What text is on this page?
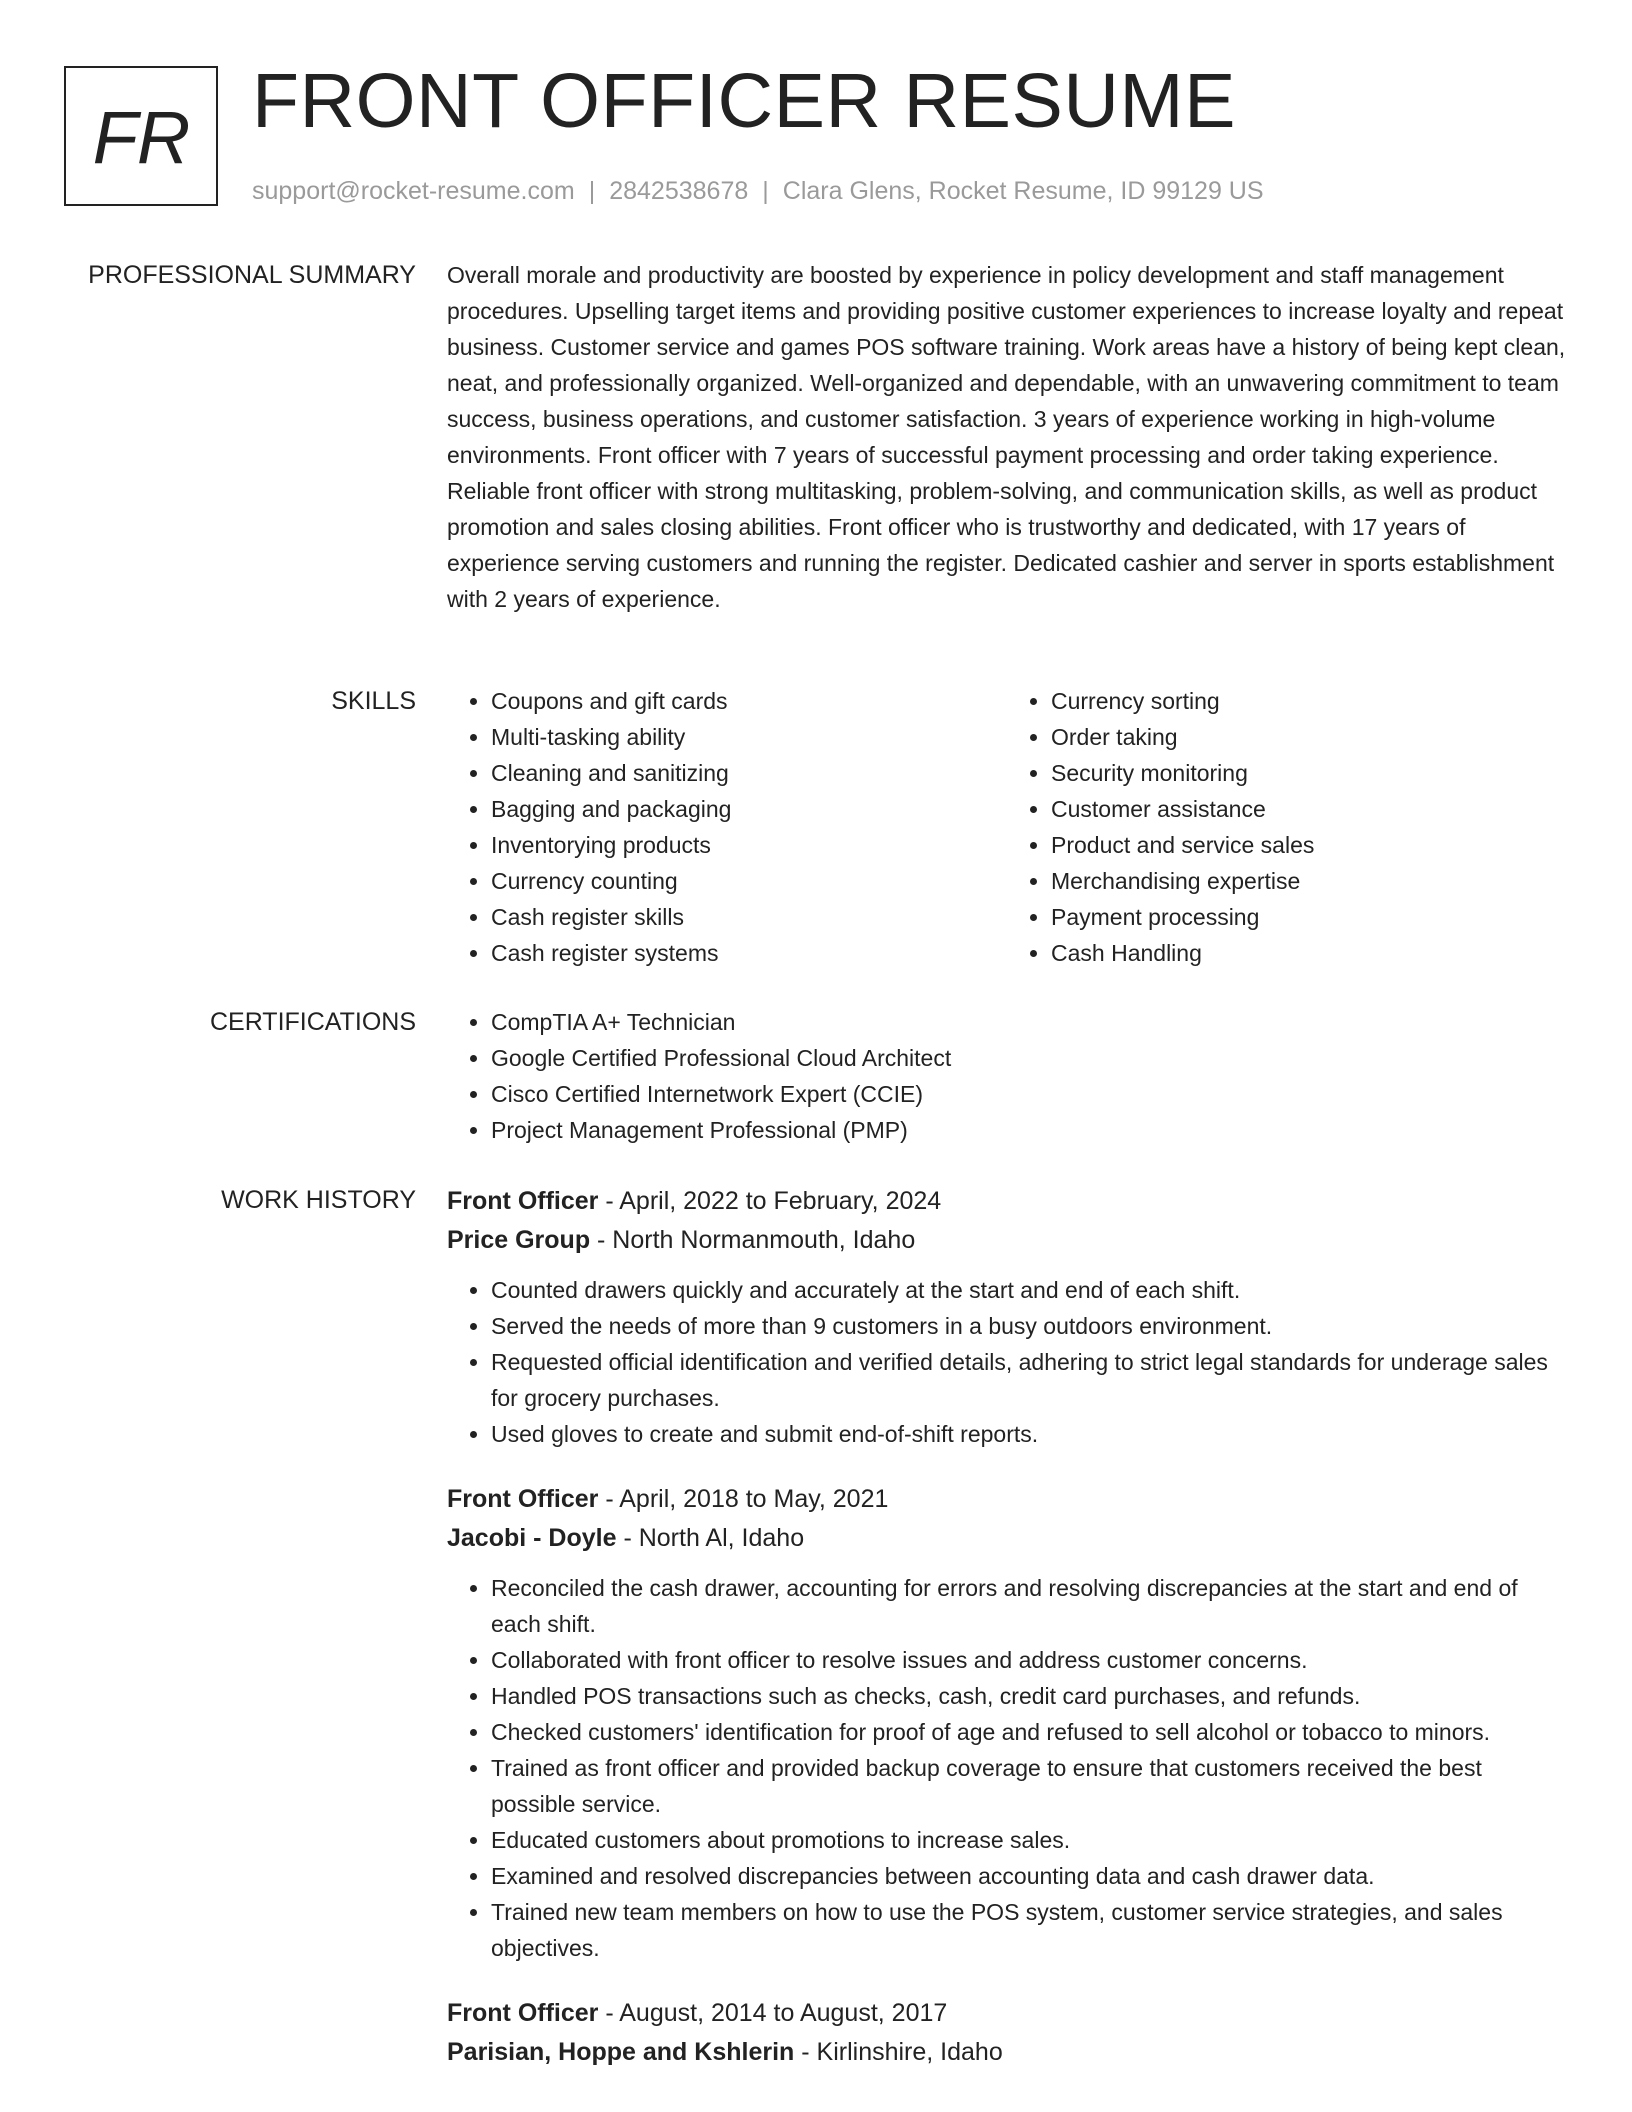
FR FRONT OFFICER RESUME
support@rocket-resume.com | 2842538678 | Clara Glens, Rocket Resume, ID 99129 US
PROFESSIONAL SUMMARY Overall morale and productivity are boosted by experience in policy development and staff management procedures. Upselling target items and providing positive customer experiences to increase loyalty and repeat business. Customer service and games POS software training. Work areas have a history of being kept clean, neat, and professionally organized. Well-organized and dependable, with an unwavering commitment to team success, business operations, and customer satisfaction. 3 years of experience working in high-volume environments. Front officer with 7 years of successful payment processing and order taking experience. Reliable front officer with strong multitasking, problem-solving, and communication skills, as well as product promotion and sales closing abilities. Front officer who is trustworthy and dedicated, with 17 years of experience serving customers and running the register. Dedicated cashier and server in sports establishment with 2 years of experience.

SKILLS	• Coupons and gift cards
• Multi-tasking ability
• Cleaning and sanitizing
• Bagging and packaging
• Inventorying products
• Currency counting
• Cash register skills
• Cash register systems
• Currency sorting
• Order taking
• Security monitoring
• Customer assistance
• Product and service sales
• Merchandising expertise
• Payment processing
• Cash Handling
CERTIFICATIONS	• CompTIA A+ Technician
• Google Certified Professional Cloud Architect
• Cisco Certified Internetwork Expert (CCIE)
• Project Management Professional (PMP)
WORK HISTORY Front Officer - April, 2022 to February, 2024
Price Group - North Normanmouth, Idaho
• Counted drawers quickly and accurately at the start and end of each shift.
• Served the needs of more than 9 customers in a busy outdoors environment.
• Requested official identification and verified details, adhering to strict legal standards for underage sales for grocery purchases.
• Used gloves to create and submit end-of-shift reports.
Front Officer - April, 2018 to May, 2021
Jacobi - Doyle - North Al, Idaho
• Reconciled the cash drawer, accounting for errors and resolving discrepancies at the start and end of each shift.
• Collaborated with front officer to resolve issues and address customer concerns.
• Handled POS transactions such as checks, cash, credit card purchases, and refunds.
• Checked customers' identification for proof of age and refused to sell alcohol or tobacco to minors.
• Trained as front officer and provided backup coverage to ensure that customers received the best possible service.
• Educated customers about promotions to increase sales.
• Examined and resolved discrepancies between accounting data and cash drawer data.
• Trained new team members on how to use the POS system, customer service strategies, and sales objectives.
Front Officer - August, 2014 to August, 2017
Parisian, Hoppe and Kshlerin - Kirlinshire, Idaho
